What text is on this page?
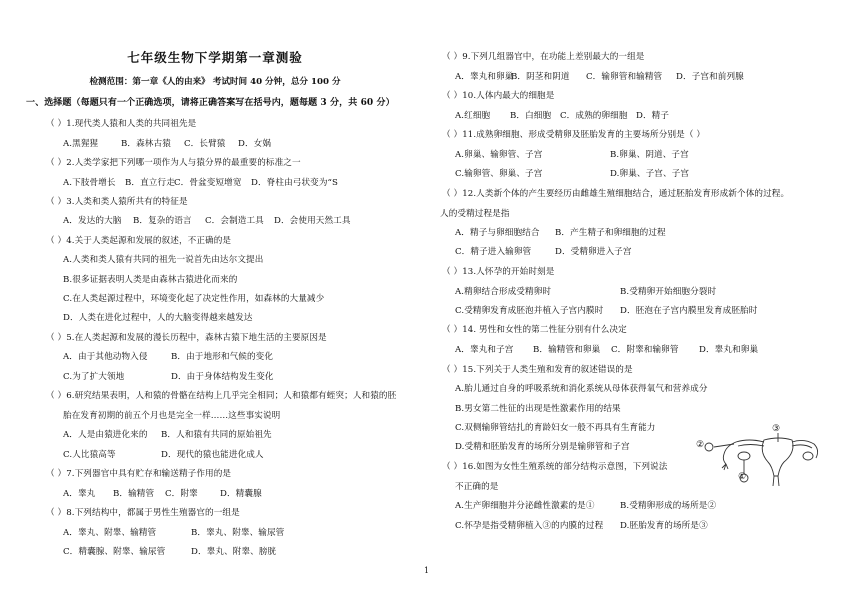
七年级生物下学期第一章测验
检测范围：第一章《人的由来》 考试时间 40 分钟，总分 100 分
一、选择题（每题只有一个正确选项，请将正确答案写在括号内，题每题 3 分，共 60 分）
（ ）1.现代类人猿和人类的共同祖先是
A.黑猩猩	B．森林古猿 C．长臂猿 D．女娲
（ ）2.人类学家把下列哪一项作为人与猿分界的最重要的标准之一
A.下肢骨增长 B．直立行走C．骨盆变短增宽 D．脊柱由弓状变为“S
（ ）3.人类和类人猿所共有的特征是
A．发达的大脑 B．复杂的语言 C．会制造工具 D．会使用天然工具
（ ）4.关于人类起源和发展的叙述，不正确的是
A.人类和类人猿有共同的祖先一说首先由达尔文提出
B.很多证据表明人类是由森林古猿进化而来的
C.在人类起源过程中，环境变化起了决定性作用，如森林的大量减少
D．人类在进化过程中，人的大脑变得越来越发达
（ ）5.在人类起源和发展的漫长历程中，森林古猿下地生活的主要原因是
A．由于其他动物入侵	B．由于地形和气候的变化
C.为了扩大领地	D．由于身体结构发生变化
（ ）6.研究结果表明，人和猿的骨骼在结构上几乎完全相同；人和猿都有蛭突；人和猿的胚
胎在发育初期的前五个月也是完全一样……这些事实说明
A．人是由猿进化来的 B．人和猿有共同的原始祖先
C.人比猿高等	D．现代的猿也能进化成人
（ ）7.下列器官中具有贮存和输送精子作用的是
A．睾丸 B．输精管 C．附睾	D．精囊腺
（ ）8.下列结构中，都属于男性生殖器官的一组是
A．睾丸、附睾、输精管	B．睾丸、附睾、输尿管
C．精囊腺、附睾、输尿管	D．睾丸、附睾、膀胱
（ ）9.下列几组器官中，在功能上差别最大的一组是
A．睾丸和卵巢B．阴茎和阴道 C．输卵管和输精管 D．子宫和前列腺
（ ）10.人体内最大的细胞是
A.红细胞 B．白细胞 C．成熟的卵细胞 D．精子
（ ）11.成熟卵细胞、形成受精卵及胚胎发育的主要场所分别是（ ）
A.卵巢、输卵管、子宫	B.卵巢、阴道、子宫
C.输卵管、卵巢、子宫	D.卵巢、子宫、子宫
（ ）12.人类新个体的产生要经历由雌雄生殖细胞结合，通过胚胎发育形成新个体的过程。
人的受精过程是指
A．精子与卵细胞结合 B．产生精子和卵细胞的过程
C．精子进入输卵管	D．受精卵进入子宫
（ ）13.人怀孕的开始时刻是
A.精卵结合形成受精卵时	B.受精卵开始细胞分裂时
C.受精卵发育成胚泡并植入子宫内膜时 D．胚泡在子宫内膜里发育成胚胎时
（ ）14. 男性和女性的第二性征分别有什么决定
A．睾丸和子宫 B．输精管和卵巢 C．附睾和输卵管 D．睾丸和卵巢
（ ）15.下列关于人类生殖和发育的叙述错误的是
A.胎儿通过自身的呼吸系统和消化系统从母体获得氧气和营养成分
B.男女第二性征的出现是性激素作用的结果
C.双侧输卵管结扎的育龄妇女一般不再具有生育能力
D.受精和胚胎发育的场所分别是输卵管和子宫
（ ）16.如图为女性生殖系统的部分结构示意图，下列说法
不正确的是
A.生产卵细胞并分泌雌性激素的是①	B.受精卵形成的场所是②
C.怀孕是指受精卵植入③的内膜的过程 D.胚胎发育的场所是③
②
③
①
1
